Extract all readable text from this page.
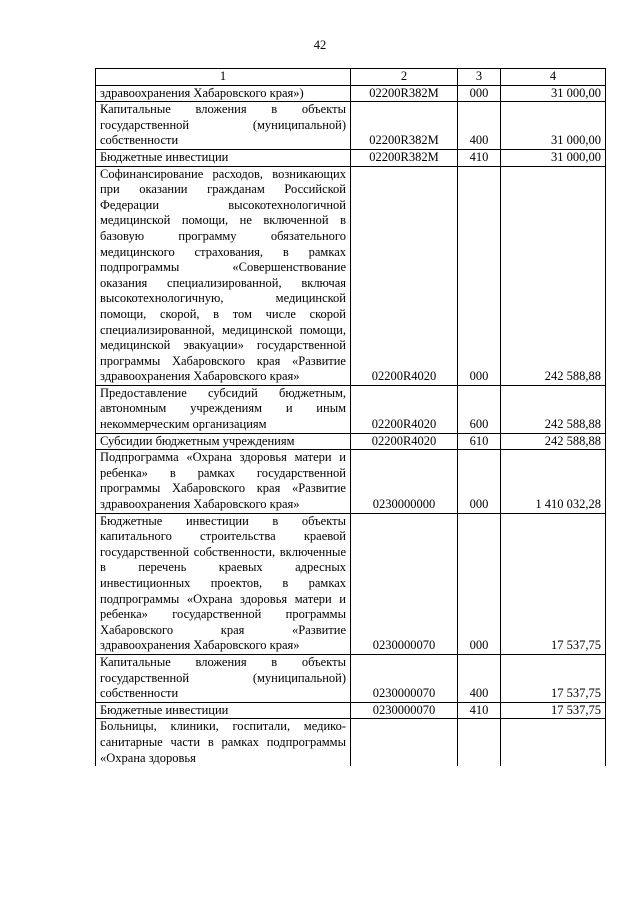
42
1	2	3	4
здравоохранения Хабаровского края»)	02200R382M	000	31 000,00
Капитальные вложения в объекты государственной (муниципальной) собственности	02200R382M	400	31 000,00
Бюджетные инвестиции	02200R382M	410	31 000,00
Софинансирование расходов, возникающих при оказании гражданам Российской Федерации высокотехнологичной медицинской помощи, не включенной в базовую программу обязательного медицинского страхования, в рамках подпрограммы «Совершенствование оказания специализированной, включая высокотехнологичную, медицинской помощи, скорой, в том числе скорой специализированной, медицинской помощи, медицинской эвакуации» государственной программы Хабаровского края «Развитие здравоохранения Хабаровского края»	02200R4020	000	242 588,88
Предоставление субсидий бюджетным, автономным учреждениям и иным некоммерческим организациям	02200R4020	600	242 588,88
Субсидии бюджетным учреждениям	02200R4020	610	242 588,88
Подпрограмма «Охрана здоровья матери и ребенка» в рамках государственной программы Хабаровского края «Развитие здравоохранения Хабаровского края»	0230000000	000	1 410 032,28
Бюджетные инвестиции в объекты капитального строительства краевой государственной собственности, включенные в перечень краевых адресных инвестиционных проектов, в рамках подпрограммы «Охрана здоровья матери и ребенка» государственной программы Хабаровского края «Развитие здравоохранения Хабаровского края»	0230000070	000	17 537,75
Капитальные вложения в объекты государственной (муниципальной) собственности	0230000070	400	17 537,75
Бюджетные инвестиции	0230000070	410	17 537,75
Больницы, клиники, госпитали, медико-санитарные части в рамках подпрограммы «Охрана здоровья			
